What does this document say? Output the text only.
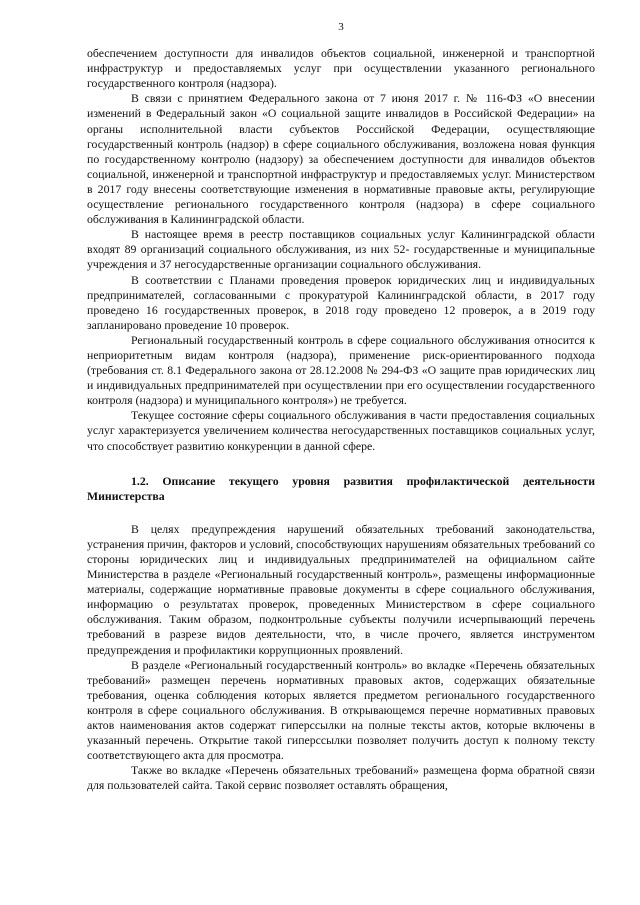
3

обеспечением доступности для инвалидов объектов социальной, инженерной и транспортной инфраструктур и предоставляемых услуг при осуществлении указанного регионального государственного контроля (надзора).

В связи с принятием Федерального закона от 7 июня 2017 г. № 116-ФЗ «О внесении изменений в Федеральный закон «О социальной защите инвалидов в Российской Федерации» на органы исполнительной власти субъектов Российской Федерации, осуществляющие государственный контроль (надзор) в сфере социального обслуживания, возложена новая функция по государственному контролю (надзору) за обеспечением доступности для инвалидов объектов социальной, инженерной и транспортной инфраструктур и предоставляемых услуг. Министерством в 2017 году внесены соответствующие изменения в нормативные правовые акты, регулирующие осуществление регионального государственного контроля (надзора) в сфере социального обслуживания в Калининградской области.

В настоящее время в реестр поставщиков социальных услуг Калининградской области входят 89 организаций социального обслуживания, из них 52- государственные и муниципальные учреждения и 37 негосударственные организации социального обслуживания.

В соответствии с Планами проведения проверок юридических лиц и индивидуальных предпринимателей, согласованными с прокуратурой Калининградской области, в 2017 году проведено 16 государственных проверок, в 2018 году проведено 12 проверок, а в 2019 году запланировано проведение 10 проверок.

Региональный государственный контроль в сфере социального обслуживания относится к неприоритетным видам контроля (надзора), применение риск-ориентированного подхода (требования ст. 8.1 Федерального закона от 28.12.2008 № 294-ФЗ «О защите прав юридических лиц и индивидуальных предпринимателей при осуществлении при его осуществлении государственного контроля (надзора) и муниципального контроля») не требуется.

Текущее состояние сферы социального обслуживания в части предоставления социальных услуг характеризуется увеличением количества негосударственных поставщиков социальных услуг, что способствует развитию конкуренции в данной сфере.

1.2. Описание текущего уровня развития профилактической деятельности Министерства

В целях предупреждения нарушений обязательных требований законодательства, устранения причин, факторов и условий, способствующих нарушениям обязательных требований со стороны юридических лиц и индивидуальных предпринимателей на официальном сайте Министерства в разделе «Региональный государственный контроль», размещены информационные материалы, содержащие нормативные правовые документы в сфере социального обслуживания, информацию о результатах проверок, проведенных Министерством в сфере социального обслуживания. Таким образом, подконтрольные субъекты получили исчерпывающий перечень требований в разрезе видов деятельности, что, в числе прочего, является инструментом предупреждения и профилактики коррупционных проявлений.

В разделе «Региональный государственный контроль» во вкладке «Перечень обязательных требований» размещен перечень нормативных правовых актов, содержащих обязательные требования, оценка соблюдения которых является предметом регионального государственного контроля в сфере социального обслуживания. В открывающемся перечне нормативных правовых актов наименования актов содержат гиперссылки на полные тексты актов, которые включены в указанный перечень. Открытие такой гиперссылки позволяет получить доступ к полному тексту соответствующего акта для просмотра.

Также во вкладке «Перечень обязательных требований» размещена форма обратной связи для пользователей сайта. Такой сервис позволяет оставлять обращения,
